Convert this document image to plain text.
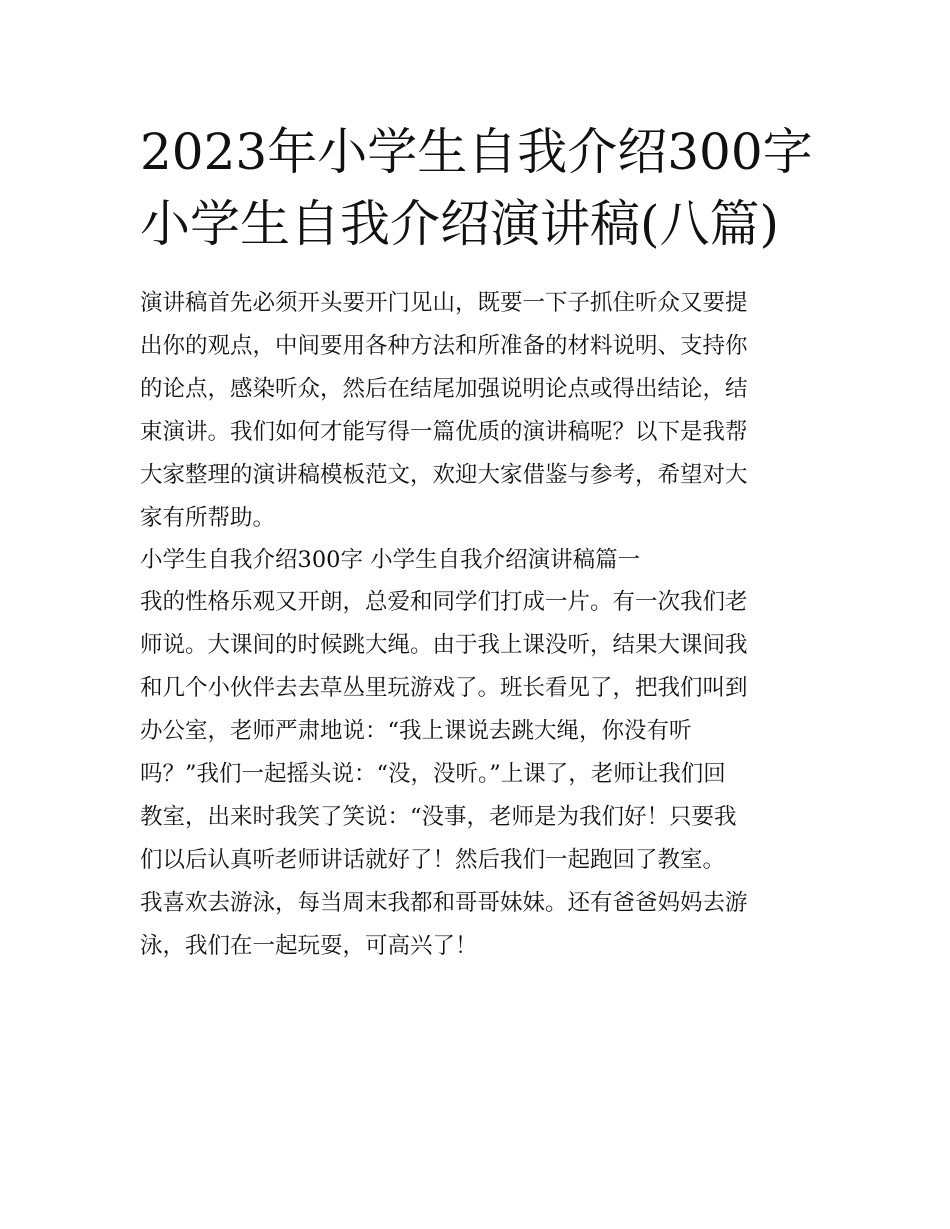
2023年小学生自我介绍300字
小学生自我介绍演讲稿(八篇)
演讲稿首先必须开头要开门见山，既要一下子抓住听众又要提
出你的观点，中间要用各种方法和所准备的材料说明、支持你
的论点，感染听众，然后在结尾加强说明论点或得出结论，结
束演讲。我们如何才能写得一篇优质的演讲稿呢？以下是我帮
大家整理的演讲稿模板范文，欢迎大家借鉴与参考，希望对大
家有所帮助。
小学生自我介绍300字 小学生自我介绍演讲稿篇一
我的性格乐观又开朗，总爱和同学们打成一片。有一次我们老
师说。大课间的时候跳大绳。由于我上课没听，结果大课间我
和几个小伙伴去去草丛里玩游戏了。班长看见了，把我们叫到
办公室，老师严肃地说：“我上课说去跳大绳，你没有听
吗？”我们一起摇头说：“没，没听。”上课了，老师让我们回
教室，出来时我笑了笑说：“没事，老师是为我们好！只要我
们以后认真听老师讲话就好了！然后我们一起跑回了教室。
我喜欢去游泳，每当周末我都和哥哥妹妹。还有爸爸妈妈去游
泳，我们在一起玩耍，可高兴了！
